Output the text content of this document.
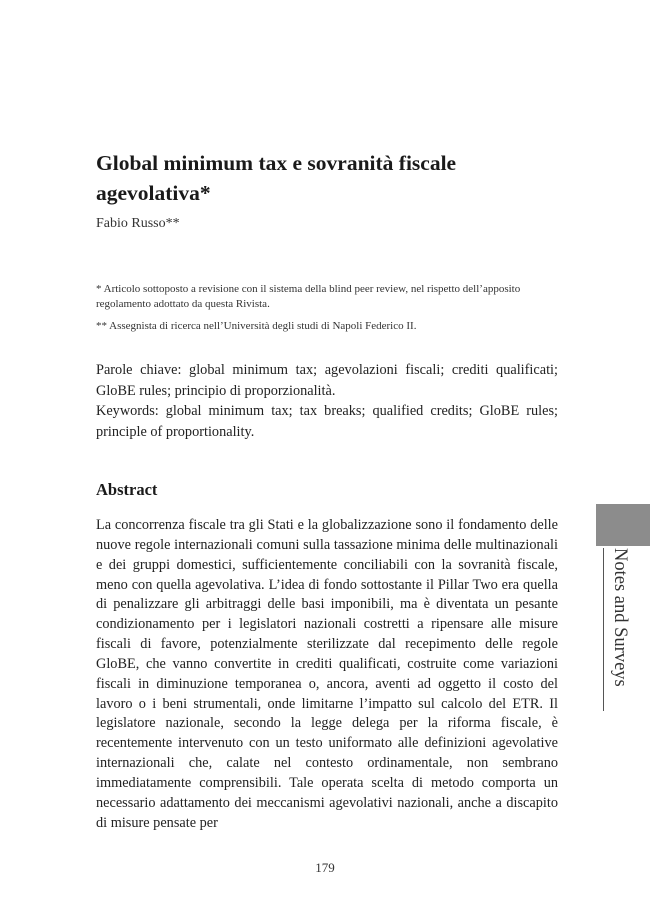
Global minimum tax e sovranità fiscale agevolativa*
Fabio Russo**

* Articolo sottoposto a revisione con il sistema della blind peer review, nel rispetto dell’apposito regolamento adottato da questa Rivista.

** Assegnista di ricerca nell’Università degli studi di Napoli Federico II.

Parole chiave: global minimum tax; agevolazioni fiscali; crediti qualificati; GloBE rules; principio di proporzionalità.

Keywords: global minimum tax; tax breaks; qualified credits; GloBE rules; principle of proportionality.

Abstract

La concorrenza fiscale tra gli Stati e la globalizzazione sono il fondamento delle nuove regole internazionali comuni sulla tassazione minima delle multinazionali e dei gruppi domestici, sufficientemente conciliabili con la sovranità fiscale, meno con quella agevolativa. L’idea di fondo sottostante il Pillar Two era quella di penalizzare gli arbitraggi delle basi imponibili, ma è diventata un pesante condizionamento per i legislatori nazionali costretti a ripensare alle misure fiscali di favore, potenzialmente sterilizzate dal recepimento delle regole GloBE, che vanno convertite in crediti qualificati, costruite come variazioni fiscali in diminuzione temporanea o, ancora, aventi ad oggetto il costo del lavoro o i beni strumentali, onde limitarne l’impatto sul calcolo del ETR. Il legislatore nazionale, secondo la legge delega per la riforma fiscale, è recentemente intervenuto con un testo uniformato alle definizioni agevolative internazionali che, calate nel contesto ordinamentale, non sembrano immediatamente comprensibili. Tale operata scelta di metodo comporta un necessario adattamento dei meccanismi agevolativi nazionali, anche a discapito di misure pensate per

Notes and Surveys
179
